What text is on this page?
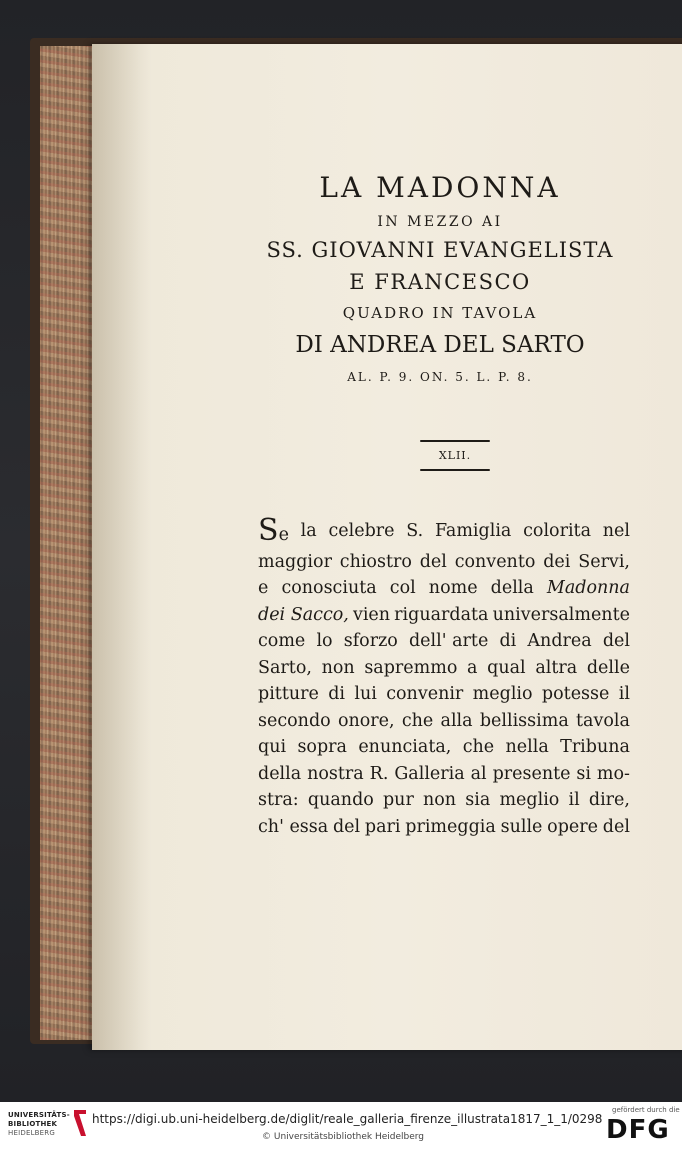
LA MADONNA
IN MEZZO AI
SS. GIOVANNI EVANGELISTA
E FRANCESCO
QUADRO IN TAVOLA
DI ANDREA DEL SARTO
AL. P. 9. ON. 5. L. P. 8.
XLII.
Se la celebre S. Famiglia colorita nel
maggior chiostro del convento dei Servi,
e conosciuta col nome della Madonna
dei Sacco, vien riguardata universalmente
come lo sforzo dell' arte di Andrea del
Sarto, non sapremmo a qual altra delle
pitture di lui convenir meglio potesse il
secondo onore, che alla bellissima tavola
qui sopra enunciata, che nella Tribuna
della nostra R. Galleria al presente si mo-
stra: quando pur non sia meglio il dire,
ch' essa del pari primeggia sulle opere del
UNIVERSITÄTS-
BIBLIOTHEK
HEIDELBERG
https://digi.ub.uni-heidelberg.de/diglit/reale_galleria_firenze_illustrata1817_1_1/0298
© Universitätsbibliothek Heidelberg
gefördert durch die
DFG
